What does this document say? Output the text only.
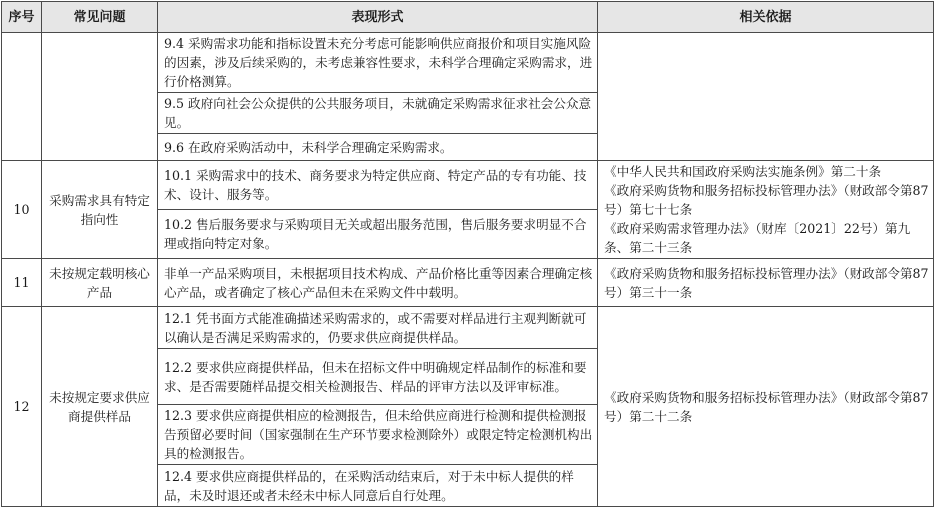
序号	常见问题	表现形式	相关依据
		9.4 采购需求功能和指标设置未充分考虑可能影响供应商报价和项目实施风险的因素，涉及后续采购的，未考虑兼容性要求，未科学合理确定采购需求，进行价格测算。	
		9.5 政府向社会公众提供的公共服务项目，未就确定采购需求征求社会公众意见。	
		9.6 在政府采购活动中，未科学合理确定采购需求。	
10	采购需求具有特定指向性	10.1 采购需求中的技术、商务要求为特定供应商、特定产品的专有功能、技术、设计、服务等。	《中华人民共和国政府采购法实施条例》第二十条
《政府采购货物和服务招标投标管理办法》（财政部令第87号）第七十七条
《政府采购需求管理办法》（财库〔2021〕22号）第九条、第二十三条
		10.2 售后服务要求与采购项目无关或超出服务范围，售后服务要求明显不合理或指向特定对象。	
11	未按规定载明核心产品	非单一产品采购项目，未根据项目技术构成、产品价格比重等因素合理确定核心产品，或者确定了核心产品但未在采购文件中载明。	《政府采购货物和服务招标投标管理办法》（财政部令第87号）第三十一条
12	未按规定要求供应商提供样品	12.1 凭书面方式能准确描述采购需求的，或不需要对样品进行主观判断就可以确认是否满足采购需求的，仍要求供应商提供样品。	《政府采购货物和服务招标投标管理办法》（财政部令第87号）第二十二条
		12.2 要求供应商提供样品，但未在招标文件中明确规定样品制作的标准和要求、是否需要随样品提交相关检测报告、样品的评审方法以及评审标准。	
		12.3 要求供应商提供相应的检测报告，但未给供应商进行检测和提供检测报告预留必要时间（国家强制在生产环节要求检测除外）或限定特定检测机构出具的检测报告。	
		12.4 要求供应商提供样品的，在采购活动结束后，对于未中标人提供的样品，未及时退还或者未经未中标人同意后自行处理。	
